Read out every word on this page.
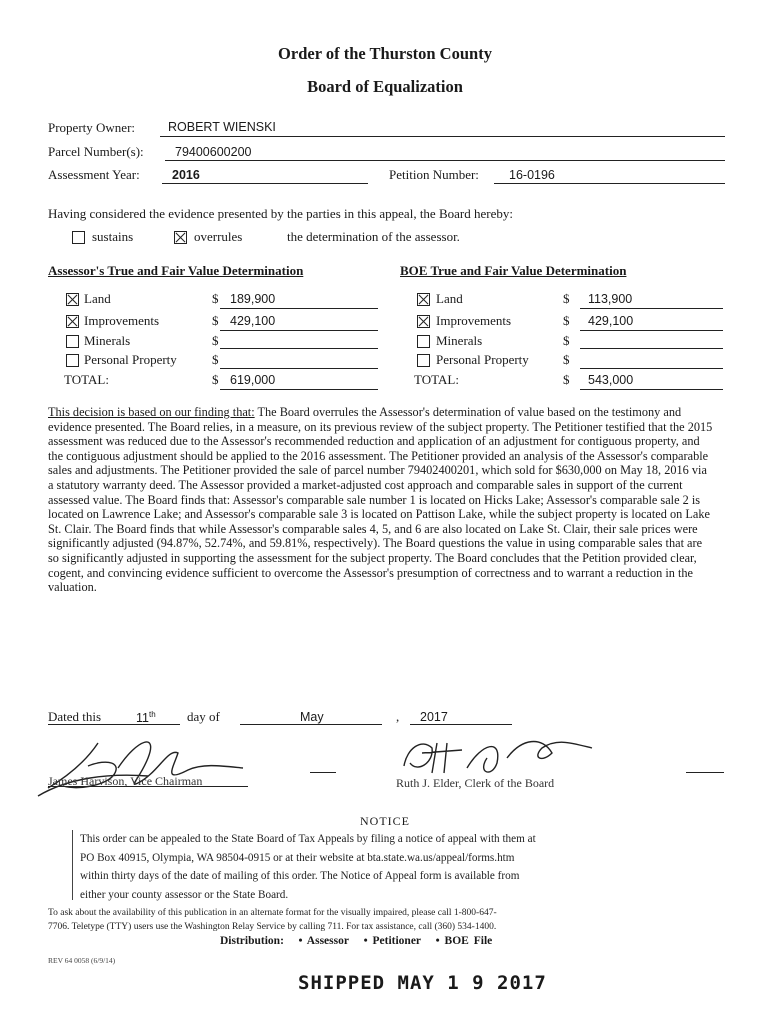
Order of the Thurston County
Board of Equalization
Property Owner:	ROBERT WIENSKI
Parcel Number(s):	79400600200
Assessment Year:	2016	Petition Number: 16-0196
Having considered the evidence presented by the parties in this appeal, the Board hereby:
sustains	overrules	the determination of the assessor.
Assessor's True and Fair Value Determination
Land	$ 189,900
Improvements	$ 429,100
Minerals	$
Personal Property	$
TOTAL:	$ 619,000
BOE True and Fair Value Determination
Land	$ 113,900
Improvements	$ 429,100
Minerals	$
Personal Property	$
TOTAL:	$ 543,000
This decision is based on our finding that: The Board overrules the Assessor's determination of value based on the testimony and evidence presented. The Board relies, in a measure, on its previous review of the subject property. The Petitioner testified that the 2015 assessment was reduced due to the Assessor's recommended reduction and application of an adjustment for contiguous property, and the contiguous adjustment should be applied to the 2016 assessment. The Petitioner provided an analysis of the Assessor's comparable sales and adjustments. The Petitioner provided the sale of parcel number 79402400201, which sold for $630,000 on May 18, 2016 via a statutory warranty deed. The Assessor provided a market-adjusted cost approach and comparable sales in support of the current assessed value. The Board finds that: Assessor's comparable sale number 1 is located on Hicks Lake; Assessor's comparable sale 2 is located on Lawrence Lake; and Assessor's comparable sale 3 is located on Pattison Lake, while the subject property is located on Lake St. Clair. The Board finds that while Assessor's comparable sales 4, 5, and 6 are also located on Lake St. Clair, their sale prices were significantly adjusted (94.87%, 52.74%, and 59.81%, respectively). The Board questions the value in using comparable sales that are so significantly adjusted in supporting the assessment for the subject property. The Board concludes that the Petition provided clear, cogent, and convincing evidence sufficient to overcome the Assessor's presumption of correctness and to warrant a reduction in the valuation.
Dated this	11th day of	May	, 2017
James Harvison, Vice Chairman	Ruth J. Elder, Clerk of the Board
NOTICE
This order can be appealed to the State Board of Tax Appeals by filing a notice of appeal with them at
PO Box 40915, Olympia, WA 98504-0915 or at their website at bta.state.wa.us/appeal/forms.htm
within thirty days of the date of mailing of this order. The Notice of Appeal form is available from
either your county assessor or the State Board.
To ask about the availability of this publication in an alternate format for the visually impaired, please call 1-800-647-
7706. Teletype (TTY) users use the Washington Relay Service by calling 711. For tax assistance, call (360) 534-1400.
Distribution: • Assessor • Petitioner • BOE File
REV 64 0058 (6/9/14)
SHIPPED MAY 1 9 2017
